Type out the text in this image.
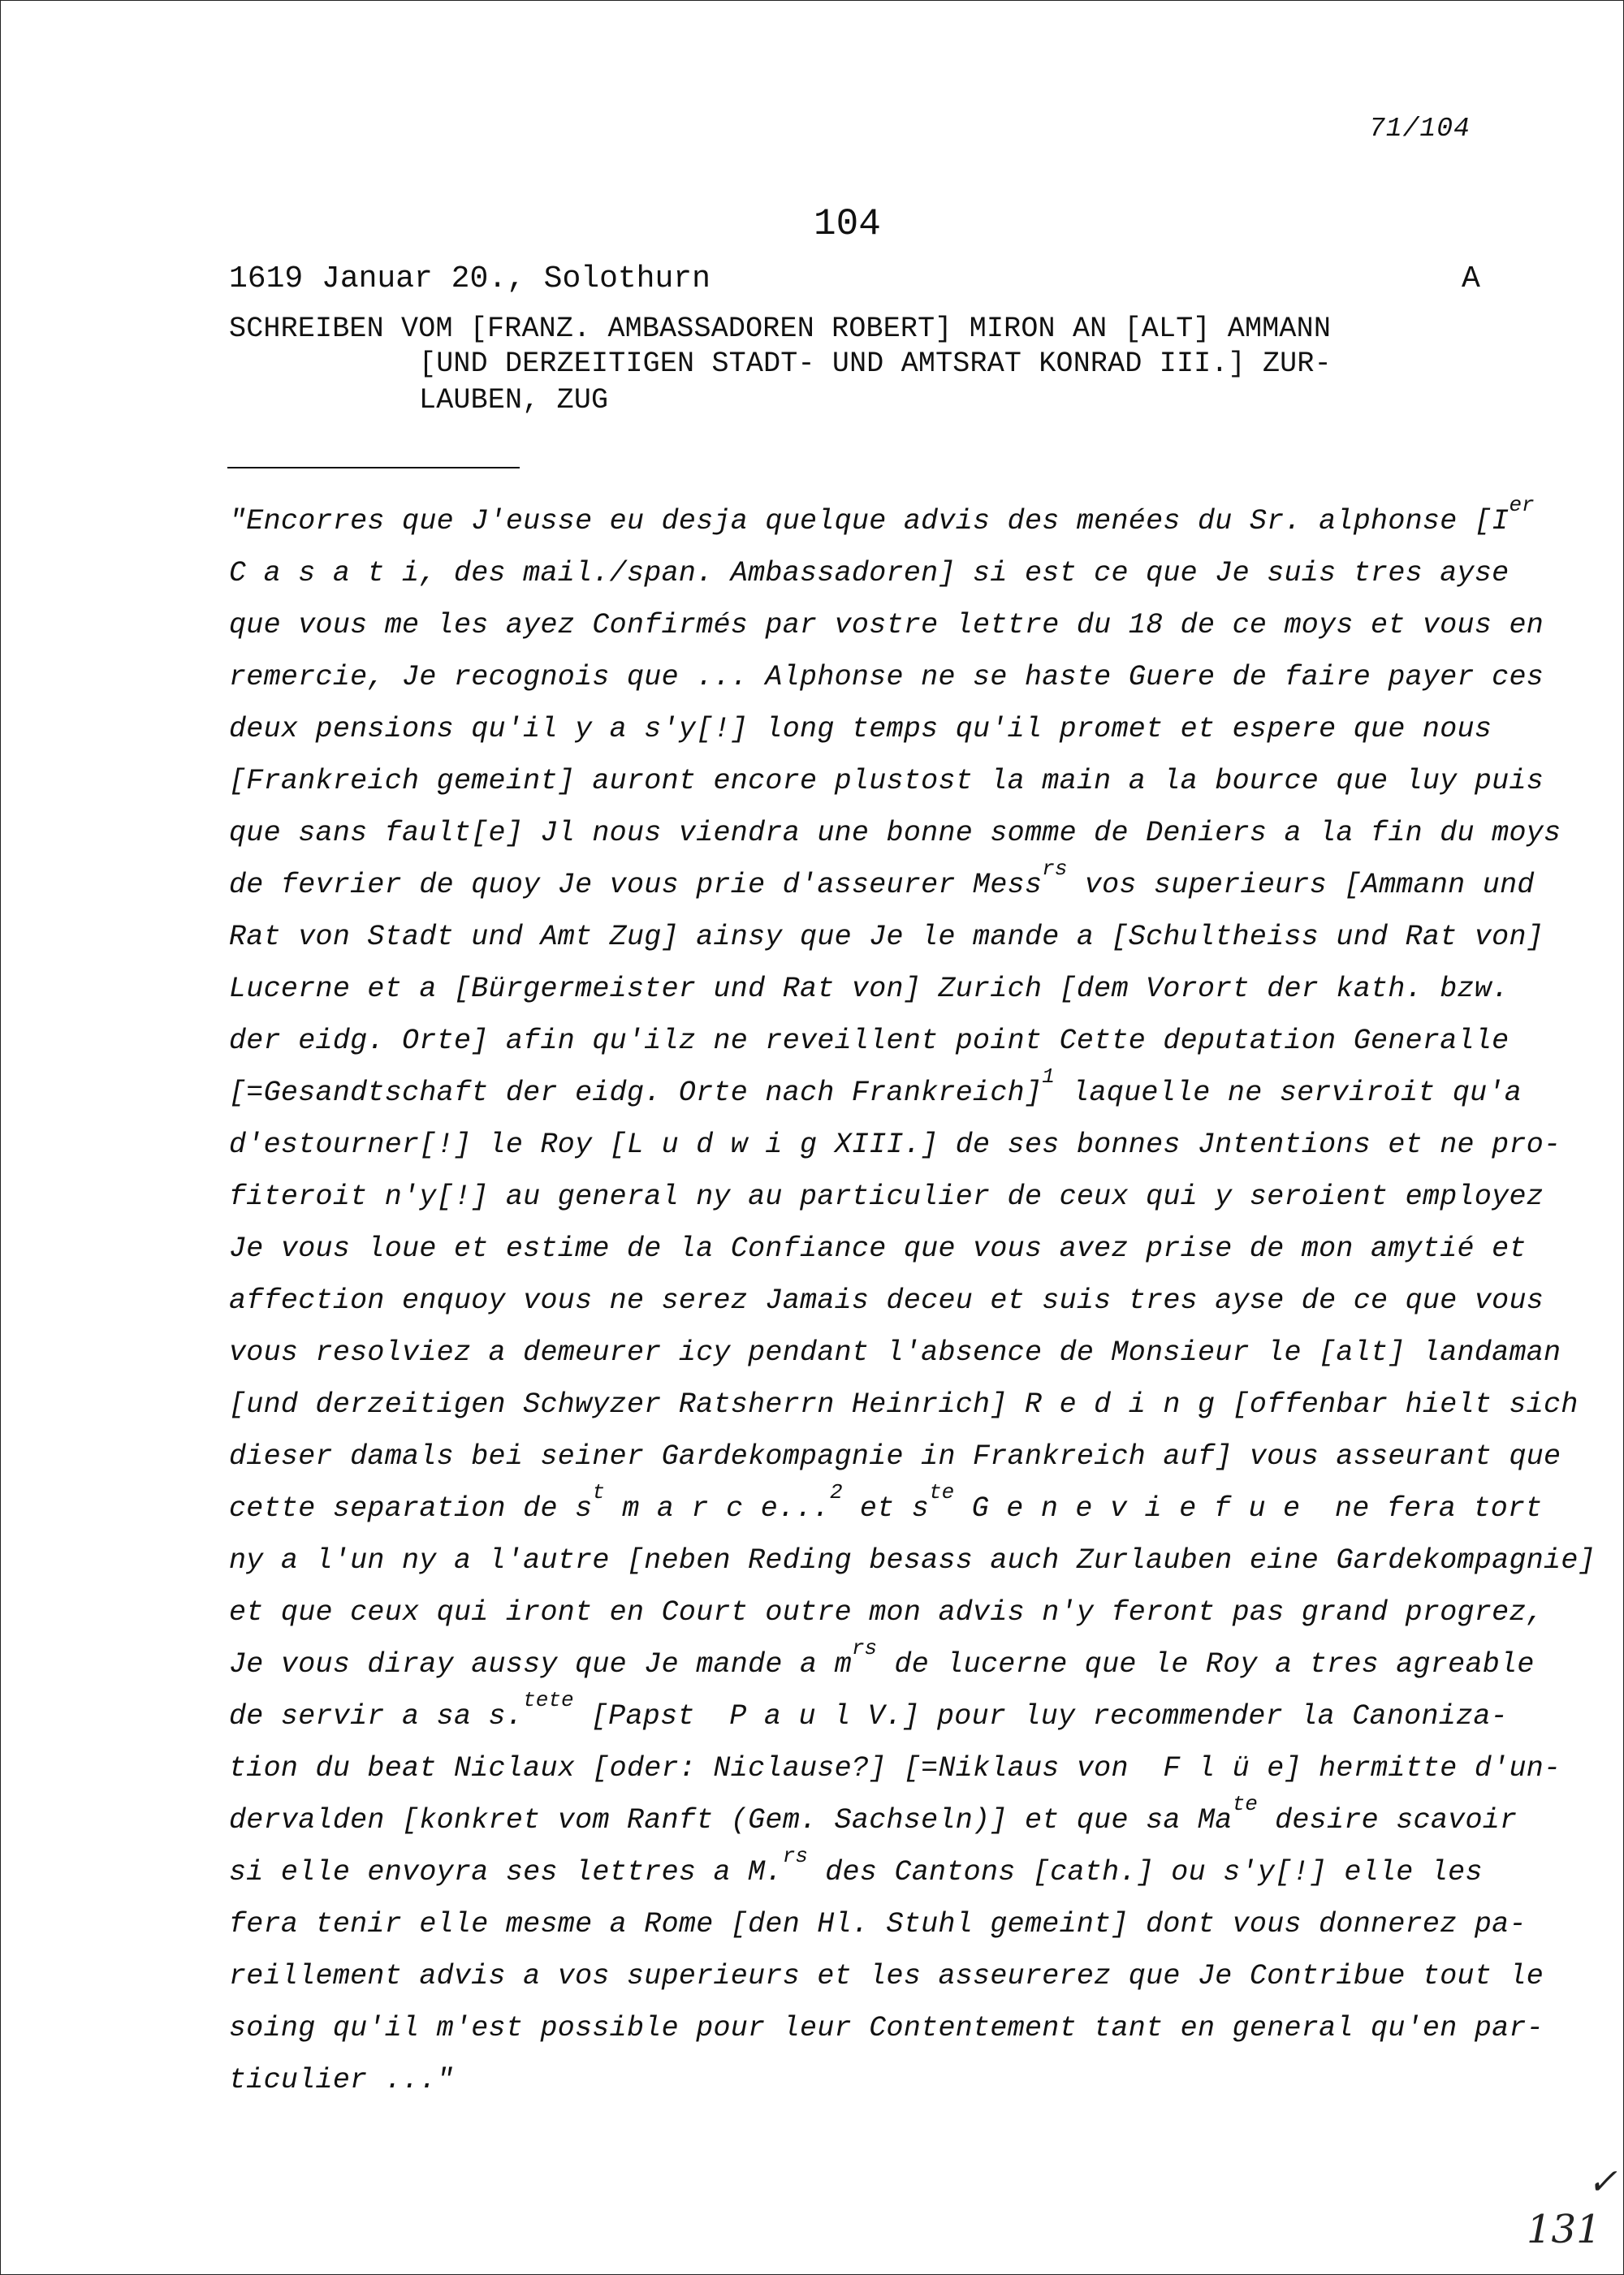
71/104
104
1619 Januar 20., Solothurn	A
SCHREIBEN VOM [FRANZ. AMBASSADOREN ROBERT] MIRON AN [ALT] AMMANN
[UND DERZEITIGEN STADT- UND AMTSRAT KONRAD III.] ZUR-
LAUBEN, ZUG
"Encorres que J'eusse eu desja quelque advis des menées du Sr. alphonse [Ier
C a s a t i, des mail./span. Ambassadoren] si est ce que Je suis tres ayse
que vous me les ayez Confirmés par vostre lettre du 18 de ce moys et vous en
remercie, Je recognois que ... Alphonse ne se haste Guere de faire payer ces
deux pensions qu'il y a s'y[!] long temps qu'il promet et espere que nous
[Frankreich gemeint] auront encore plustost la main a la bource que luy puis
que sans fault[e] Jl nous viendra une bonne somme de Deniers a la fin du moys
de fevrier de quoy Je vous prie d'asseurer Mess$^{rs}$ vos superieurs [Ammann und
Rat von Stadt und Amt Zug] ainsy que Je le mande a [Schultheiss und Rat von]
Lucerne et a [Bürgermeister und Rat von] Zurich [dem Vorort der kath. bzw.
der eidg. Orte] afin qu'ilz ne reveillent point Cette deputation Generalle
[=Gesandtschaft der eidg. Orte nach Frankreich]$^1$ laquelle ne serviroit qu'a
d'estourner[!] le Roy [L u d w i g XIII.] de ses bonnes Jntentions et ne pro-
fiteroit n'y[!] au general ny au particulier de ceux qui y seroient employez
Je vous loue et estime de la Confiance que vous avez prise de mon amytié et
affection enquoy vous ne serez Jamais deceu et suis tres ayse de ce que vous
vous resolviez a demeurer icy pendant l'absence de Monsieur le [alt] landaman
[und derzeitigen Schwyzer Ratsherrn Heinrich] R e d i n g [offenbar hielt sich
dieser damals bei seiner Gardekompagnie in Frankreich auf] vous asseurant que
cette separation de $s^t$ m a r c e...$^2$ et $s^{te}$ G e n e v i e f u e  ne fera tort
ny a l'un ny a l'autre [neben Reding besass auch Zurlauben eine Gardekompagnie]
et que ceux qui iront en Court outre mon advis n'y feront pas grand progrez,
Je vous diray aussy que Je mande a $m^{rs}$ de lucerne que le Roy a tres agreable
de servir a sa s.$^{tete}$ [Papst  P a u l V.] pour luy recommender la Canoniza-
tion du beat Niclaux [oder: Niclause?] [=Niklaus von  F l ü e] hermitte d'un-
dervalden [konkret vom Ranft (Gem. Sachseln)] et que sa $Ma^{te}$ desire scavoir
si elle envoyra ses lettres a M.$^{rs}$ des Cantons [cath.] ou s'y[!] elle les
fera tenir elle mesme a Rome [den Hl. Stuhl gemeint] dont vous donnerez pa-
reillement advis a vos superieurs et les asseurerez que Je Contribue tout le
soing qu'il m'est possible pour leur Contentement tant en general qu'en par-
ticulier ..."
✓
131
